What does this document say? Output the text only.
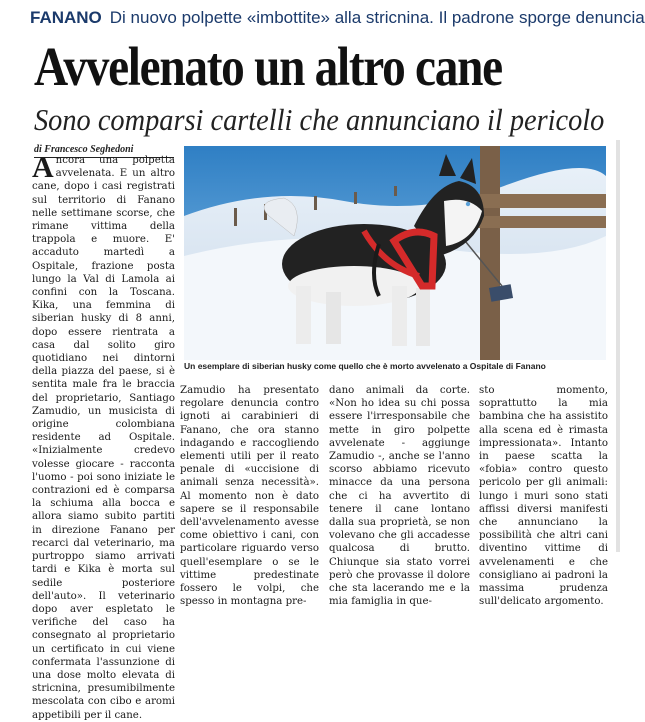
FANANO Di nuovo polpette «imbottite» alla stricnina. Il padrone sporge denuncia
Avvelenato un altro cane
Sono comparsi cartelli che annunciano il pericolo
di Francesco Seghedoni
Ancora una polpetta avvelenata. E un altro cane, dopo i casi registrati sul territorio di Fanano nelle settimane scorse, che rimane vittima della trappola e muore. E' accaduto martedì a Ospitale, frazione posta lungo la Val di Lamola ai confini con la Toscana. Kika, una femmina di siberian husky di 8 anni, dopo essere rientrata a casa dal solito giro quotidiano nei dintorni della piazza del paese, si è sentita male fra le braccia del proprietario, Santiago Zamudio, un musicista di origine colombiana residente ad Ospitale. «Inizialmente credevo volesse giocare - racconta l'uomo - poi sono iniziate le contrazioni ed è comparsa la schiuma alla bocca e allora siamo subito partiti in direzione Fanano per recarci dal veterinario, ma purtroppo siamo arrivati tardi e Kika è morta sul sedile posteriore dell'auto». Il veterinario dopo aver espletato le verifiche del caso ha consegnato al proprietario un certificato in cui viene confermata l'assunzione di una dose molto elevata di stricnina, presumibilmente mescolata con cibo e aromi appetibili per il cane.
Un esemplare di siberian husky come quello che è morto avvelenato a Ospitale di Fanano
Zamudio ha presentato regolare denuncia contro ignoti ai carabinieri di Fanano, che ora stanno indagando e raccogliendo elementi utili per il reato penale di «uccisione di animali senza necessità». Al momento non è dato sapere se il responsabile dell'avvelenamento avesse come obiettivo i cani, con particolare riguardo verso quell'esemplare o se le vittime predestinate fossero le volpi, che spesso in montagna pre-
dano animali da corte. «Non ho idea su chi possa essere l'irresponsabile che mette in giro polpette avvelenate - aggiunge Zamudio -, anche se l'anno scorso abbiamo ricevuto minacce da una persona che ci ha avvertito di tenere il cane lontano dalla sua proprietà, se non volevano che gli accadesse qualcosa di brutto. Chiunque sia stato vorrei però che provasse il dolore che sta lacerando me e la mia famiglia in que-
sto momento, soprattutto la mia bambina che ha assistito alla scena ed è rimasta impressionata». Intanto in paese scatta la «fobia» contro questo pericolo per gli animali: lungo i muri sono stati affissi diversi manifesti che annunciano la possibilità che altri cani diventino vittime di avvelenamenti e che consigliano ai padroni la massima prudenza sull'delicato argomento.
